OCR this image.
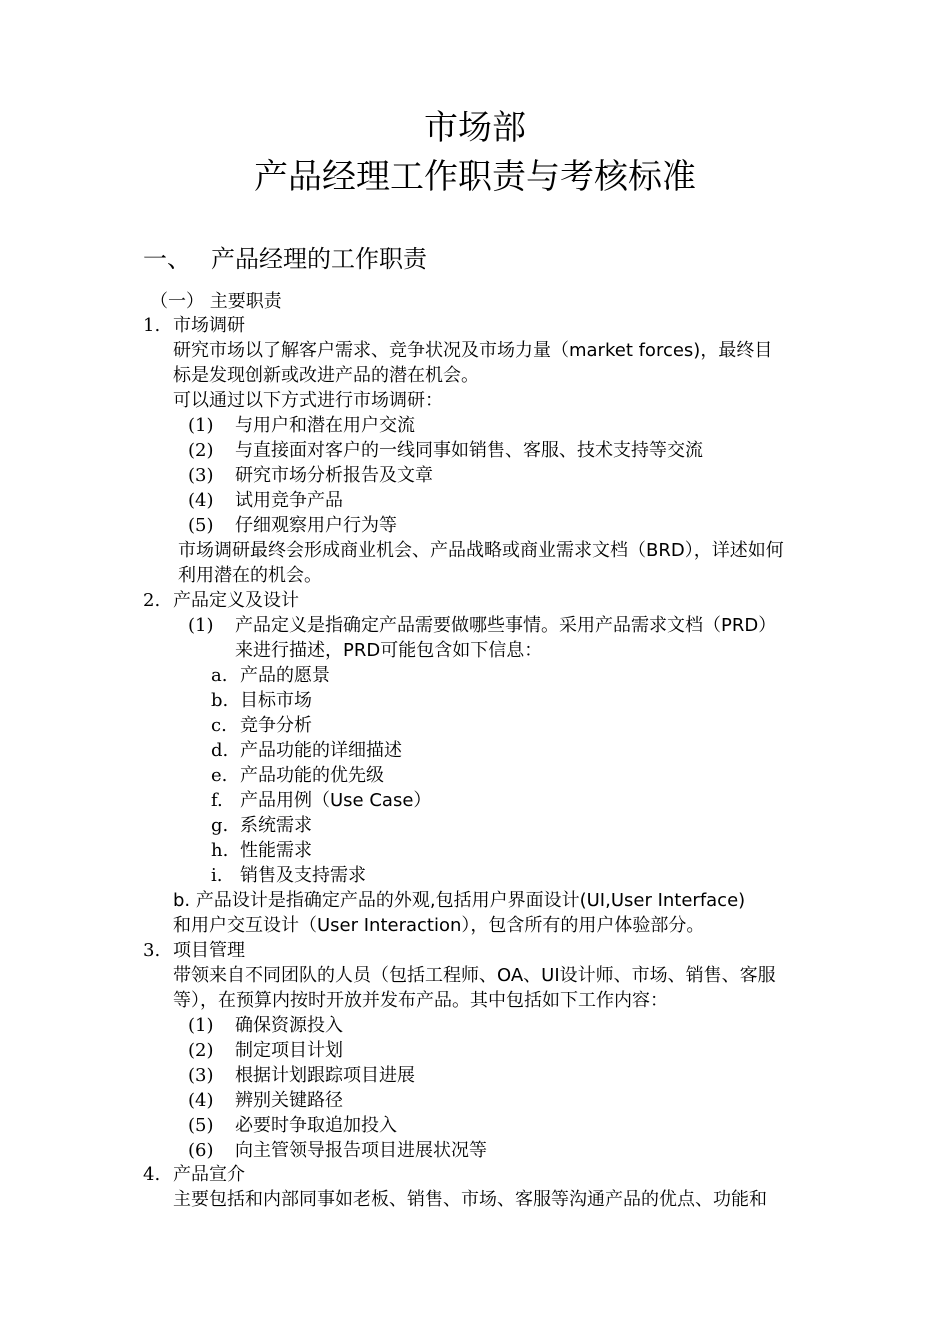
市场部
产品经理工作职责与考核标准
一、 产品经理的工作职责
（一） 主要职责
1. 市场调研
研究市场以了解客户需求、竞争状况及市场力量（market forces)，最终目
标是发现创新或改进产品的潜在机会。
可以通过以下方式进行市场调研：
(1) 与用户和潜在用户交流
(2) 与直接面对客户的一线同事如销售、客服、技术支持等交流
(3) 研究市场分析报告及文章
(4) 试用竞争产品
(5) 仔细观察用户行为等
市场调研最终会形成商业机会、产品战略或商业需求文档（BRD），详述如何
利用潜在的机会。
2. 产品定义及设计
(1) 产品定义是指确定产品需要做哪些事情。采用产品需求文档（PRD）
来进行描述，PRD可能包含如下信息：
a. 产品的愿景
b. 目标市场
c. 竞争分析
d. 产品功能的详细描述
e. 产品功能的优先级
f. 产品用例（Use Case）
g. 系统需求
h. 性能需求
i. 销售及支持需求
b. 产品设计是指确定产品的外观,包括用户界面设计(UI,User Interface)
和用户交互设计（User Interaction），包含所有的用户体验部分。
3. 项目管理
带领来自不同团队的人员（包括工程师、OA、UI设计师、市场、销售、客服
等），在预算内按时开放并发布产品。其中包括如下工作内容：
(1) 确保资源投入
(2) 制定项目计划
(3) 根据计划跟踪项目进展
(4) 辨别关键路径
(5) 必要时争取追加投入
(6) 向主管领导报告项目进展状况等
4. 产品宣介
主要包括和内部同事如老板、销售、市场、客服等沟通产品的优点、功能和
